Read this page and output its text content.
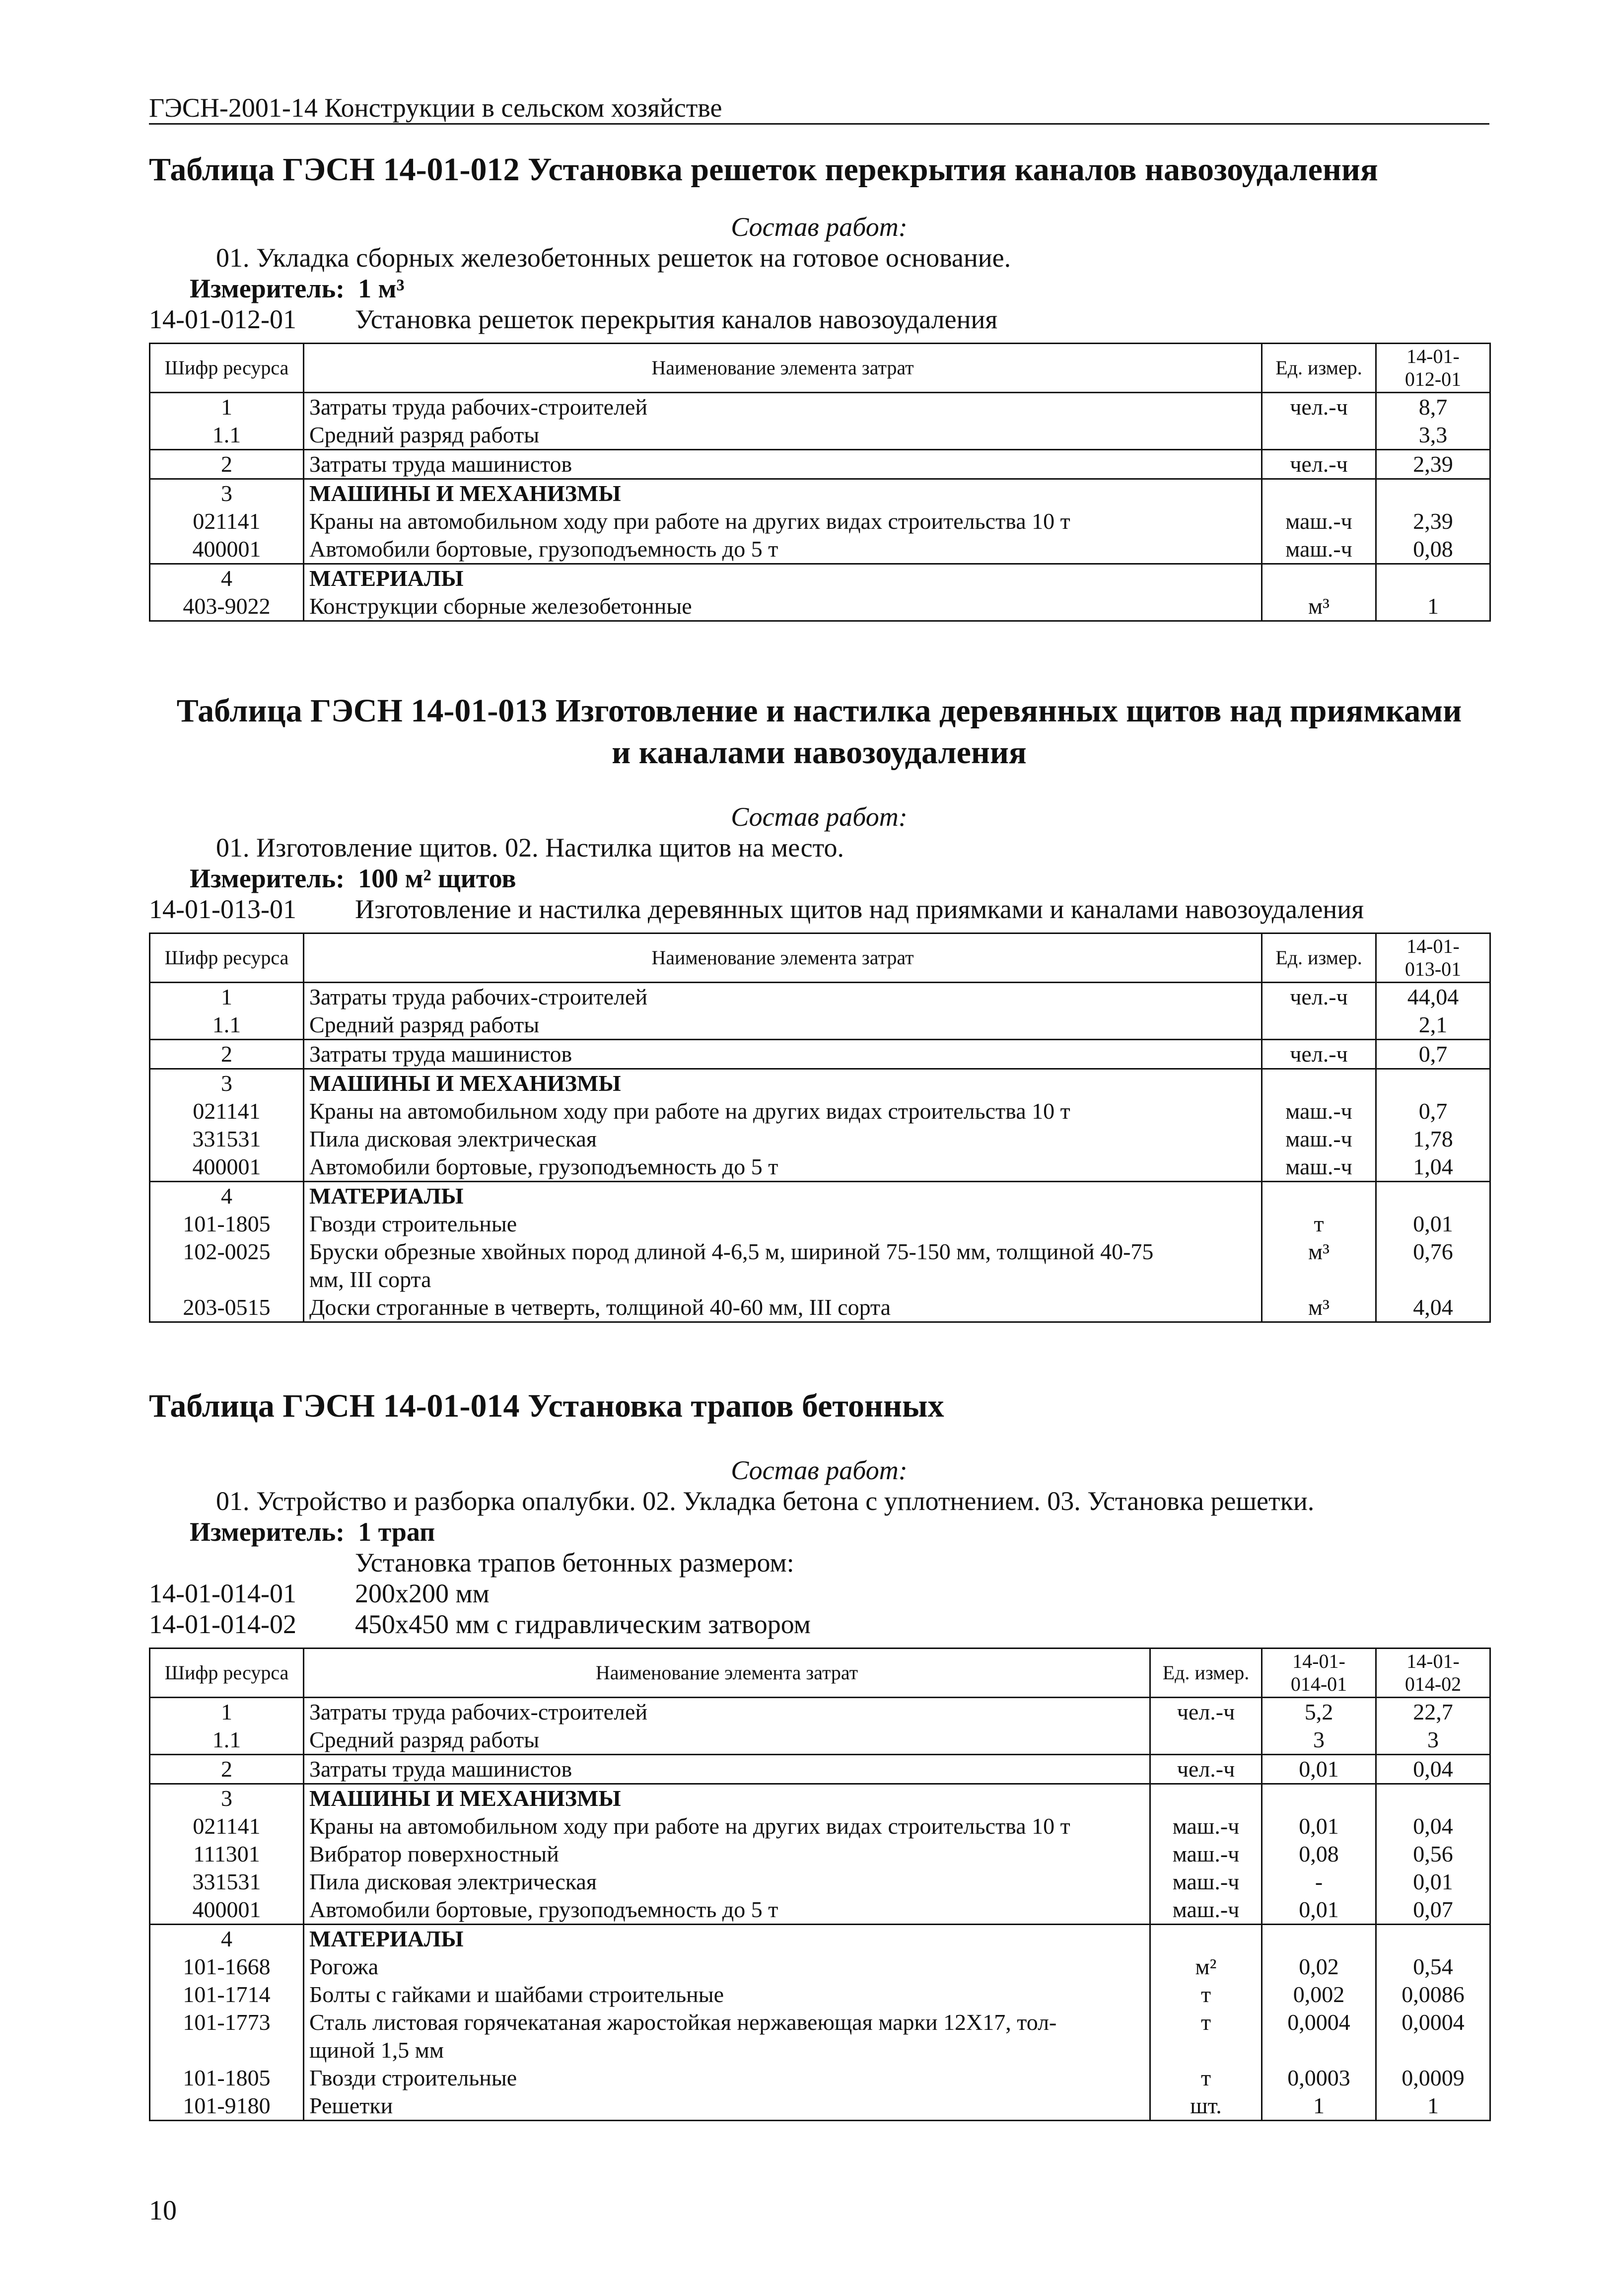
ГЭСН-2001-14 Конструкции в сельском хозяйстве

Таблица ГЭСН 14-01-012 Установка решеток перекрытия каналов навозоудаления

Состав работ:
01. Укладка сборных железобетонных решеток на готовое основание.
Измеритель: 1 м³
14-01-012-01	Установка решеток перекрытия каналов навозоудаления
Шифр ресурса	Наименование элемента затрат	Ед. измер.	14-01-
012-01
1	Затраты труда рабочих-строителей	чел.-ч	8,7
1.1	Средний разряд работы		3,3
2	Затраты труда машинистов	чел.-ч	2,39
3	МАШИНЫ И МЕХАНИЗМЫ		
021141	Краны на автомобильном ходу при работе на других видах строительства 10 т	маш.-ч	2,39
400001	Автомобили бортовые, грузоподъемность до 5 т	маш.-ч	0,08
4	МАТЕРИАЛЫ		
403-9022	Конструкции сборные железобетонные	м³	1

Таблица ГЭСН 14-01-013 Изготовление и настилка деревянных щитов над приямками
и каналами навозоудаления

Состав работ:
01. Изготовление щитов. 02. Настилка щитов на место.
Измеритель: 100 м² щитов
14-01-013-01	Изготовление и настилка деревянных щитов над приямками и каналами навозоудаления
Шифр ресурса	Наименование элемента затрат	Ед. измер.	14-01-
013-01
1	Затраты труда рабочих-строителей	чел.-ч	44,04
1.1	Средний разряд работы		2,1
2	Затраты труда машинистов	чел.-ч	0,7
3	МАШИНЫ И МЕХАНИЗМЫ		
021141	Краны на автомобильном ходу при работе на других видах строительства 10 т	маш.-ч	0,7
331531	Пила дисковая электрическая	маш.-ч	1,78
400001	Автомобили бортовые, грузоподъемность до 5 т	маш.-ч	1,04
4	МАТЕРИАЛЫ		
101-1805	Гвозди строительные	т	0,01
102-0025	Бруски обрезные хвойных пород длиной 4-6,5 м, шириной 75-150 мм, толщиной 40-75	м³	0,76
	мм, III сорта		
203-0515	Доски строганные в четверть, толщиной 40-60 мм, III сорта	м³	4,04

Таблица ГЭСН 14-01-014 Установка трапов бетонных

Состав работ:
01. Устройство и разборка опалубки. 02. Укладка бетона с уплотнением. 03. Установка решетки.
Измеритель: 1 трап
Установка трапов бетонных размером:
14-01-014-01	200x200 мм
14-01-014-02	450x450 мм с гидравлическим затвором
Шифр ресурса	Наименование элемента затрат	Ед. измер.	14-01-
014-01	14-01-
014-02
1	Затраты труда рабочих-строителей	чел.-ч	5,2	22,7
1.1	Средний разряд работы		3	3
2	Затраты труда машинистов	чел.-ч	0,01	0,04
3	МАШИНЫ И МЕХАНИЗМЫ			
021141	Краны на автомобильном ходу при работе на других видах строительства 10 т	маш.-ч	0,01	0,04
111301	Вибратор поверхностный	маш.-ч	0,08	0,56
331531	Пила дисковая электрическая	маш.-ч	-	0,01
400001	Автомобили бортовые, грузоподъемность до 5 т	маш.-ч	0,01	0,07
4	МАТЕРИАЛЫ			
101-1668	Рогожа	м²	0,02	0,54
101-1714	Болты с гайками и шайбами строительные	т	0,002	0,0086
101-1773	Сталь листовая горячекатаная жаростойкая нержавеющая марки 12Х17, тол-	т	0,0004	0,0004
	щиной 1,5 мм			
101-1805	Гвозди строительные	т	0,0003	0,0009
101-9180	Решетки	шт.	1	1
10
